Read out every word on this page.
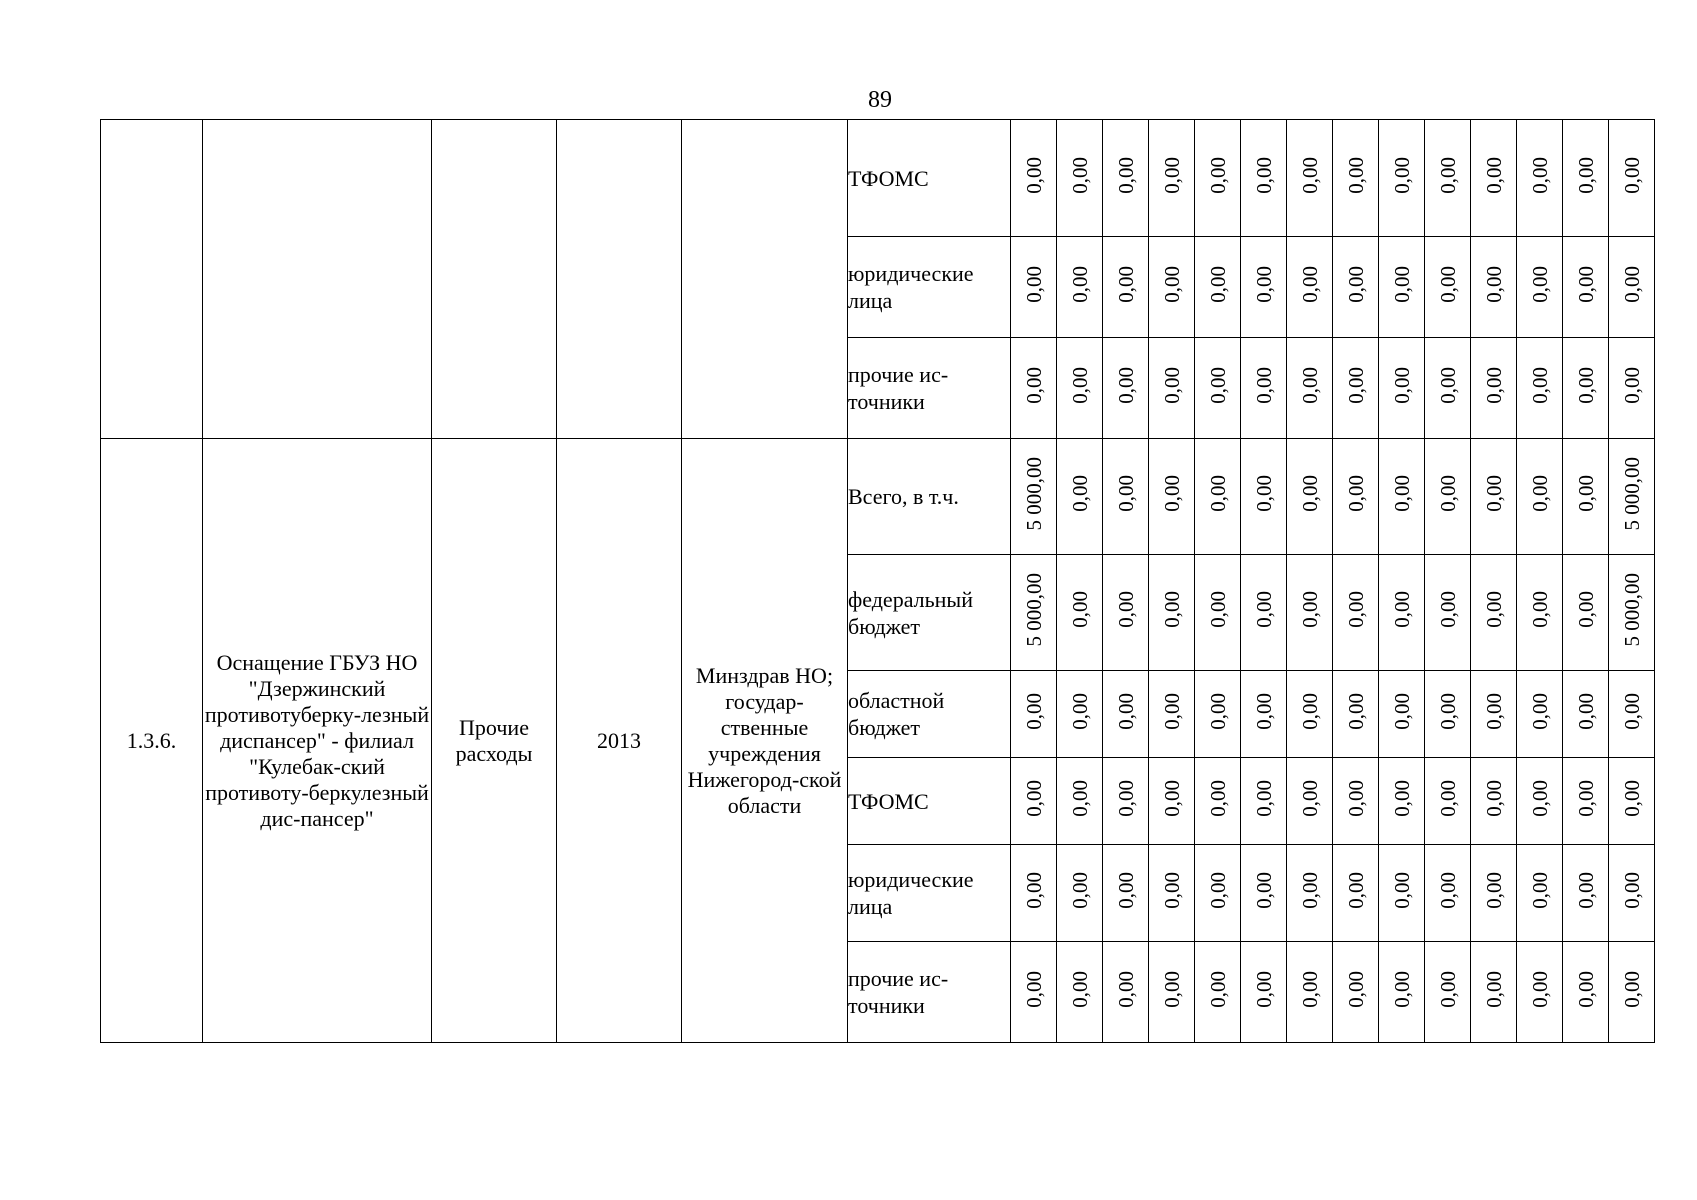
89
					ТФОМС	0,00	0,00	0,00	0,00	0,00	0,00	0,00	0,00	0,00	0,00	0,00	0,00	0,00	0,00
					юридические лица	0,00	0,00	0,00	0,00	0,00	0,00	0,00	0,00	0,00	0,00	0,00	0,00	0,00	0,00
					прочие ис-точники	0,00	0,00	0,00	0,00	0,00	0,00	0,00	0,00	0,00	0,00	0,00	0,00	0,00	0,00
1.3.6.	Оснащение ГБУЗ НО "Дзержинский противотуберку-лезный диспансер" - филиал "Кулебак-ский противоту-беркулезный дис-пансер"	Прочие расходы	2013	Минздрав НО; государ-ственные учреждения Нижегород-ской области	Всего, в т.ч.	5 000,00	0,00	0,00	0,00	0,00	0,00	0,00	0,00	0,00	0,00	0,00	0,00	0,00	5 000,00
					федеральный бюджет	5 000,00	0,00	0,00	0,00	0,00	0,00	0,00	0,00	0,00	0,00	0,00	0,00	0,00	5 000,00
					областной бюджет	0,00	0,00	0,00	0,00	0,00	0,00	0,00	0,00	0,00	0,00	0,00	0,00	0,00	0,00
					ТФОМС	0,00	0,00	0,00	0,00	0,00	0,00	0,00	0,00	0,00	0,00	0,00	0,00	0,00	0,00
					юридические лица	0,00	0,00	0,00	0,00	0,00	0,00	0,00	0,00	0,00	0,00	0,00	0,00	0,00	0,00
					прочие ис-точники	0,00	0,00	0,00	0,00	0,00	0,00	0,00	0,00	0,00	0,00	0,00	0,00	0,00	0,00
